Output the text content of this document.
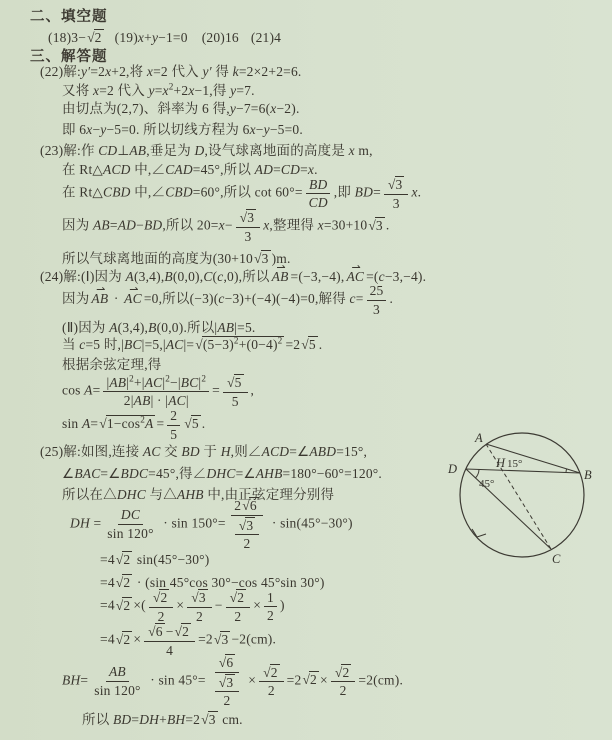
二、填空题
(18)3− √ 2 (19)x+y−1=0 (20)16 (21)4
三、解答题
(22)解:y′=2x+2,将 x=2 代入 y′ 得 k=2×2+2=6.
又将 x=2 代入 $y=x^2+2x-1$,得 y=7.
由切点为(2,7)、斜率为 6 得,y−7=6(x−2).
即 6x−y−5=0. 所以切线方程为 6x−y−5=0.
(23)解:作 CD⊥AB,垂足为 D,设气球离地面的高度是 x m,
在 Rt△ACD 中,∠CAD=45°,所以 AD=CD=x.
在 Rt△CBD 中,∠CBD=60°,所以 $\cot 60^\circ= \frac{BD}{CD}$ ,即 $BD= \frac{√ 3}{3} x$.
因为 AB=AD−BD,所以 $20=x- \frac{√ 3}{3} x$,整理得 x=30+10 √ 3 .
所以气球离地面的高度为(30+10 √ 3 )m.
(24)解:(Ⅰ)因为 A(3,4),B(0,0),C(c,0),所以 ⇀ AB =(−3,−4), ⇀ AC =(c−3,−4).
因为 ⇀ AB · ⇀ AC =0,所以(−3)(c−3)+(−4)(−4)=0,解得 $c= \frac{25}{3}$ .
(Ⅱ)因为 A(3,4),B(0,0).所以|AB|=5.
当 c=5 时,|BC|=5,|AC|= √ $(5-3)^2+(0-4)^2 =2$ √ 5 .
根据余弦定理,得
$\cos A= \frac{|AB|^2+|AC|^2-|BC|^2}{2|AB| \cdot |AC|} = \frac{√ 5}{5}$ ,
sin A= √ $1-\cos^2A = \frac{2}{5}$ √ 5 .
(25)解:如图,连接 AC 交 BD 于 H,则∠ACD=∠ABD=15°,
∠BAC=∠BDC=45°,得∠DHC=∠AHB=180°−60°=120°.
所以在△DHC 与△AHB 中,由正弦定理分别得
DH = $\frac{DC}{\sin 120^\circ} \cdot \sin 150^\circ= \frac{2 √ 6}{\frac{√ 3}{2}} \cdot \sin(45^\circ-30^\circ)$
=4 √ 2 sin(45°−30°)
=4 √ 2 · (sin 45°cos 30°−cos 45°sin 30°)
=4 √ 2 ×( $\frac{√ 2}{2} \times \frac{√ 3}{2} - \frac{√ 2}{2} \times \frac{1}{2}$ )
=4 √ $2 \times \frac{√ 6 - √ 2}{4} =2$ √ 3 −2(cm).
$BH= \frac{AB}{\sin 120^\circ} \cdot \sin 45^\circ= \frac{√ 6}{\frac{√ 3}{2}} \times \frac{√ 2}{2} =2$ √ $2 \times \frac{√ 2}{2} =2(cm)$.
所以 BD=DH+BH=2 √ 3 cm.
A
D	B
C
H 15°
45°
